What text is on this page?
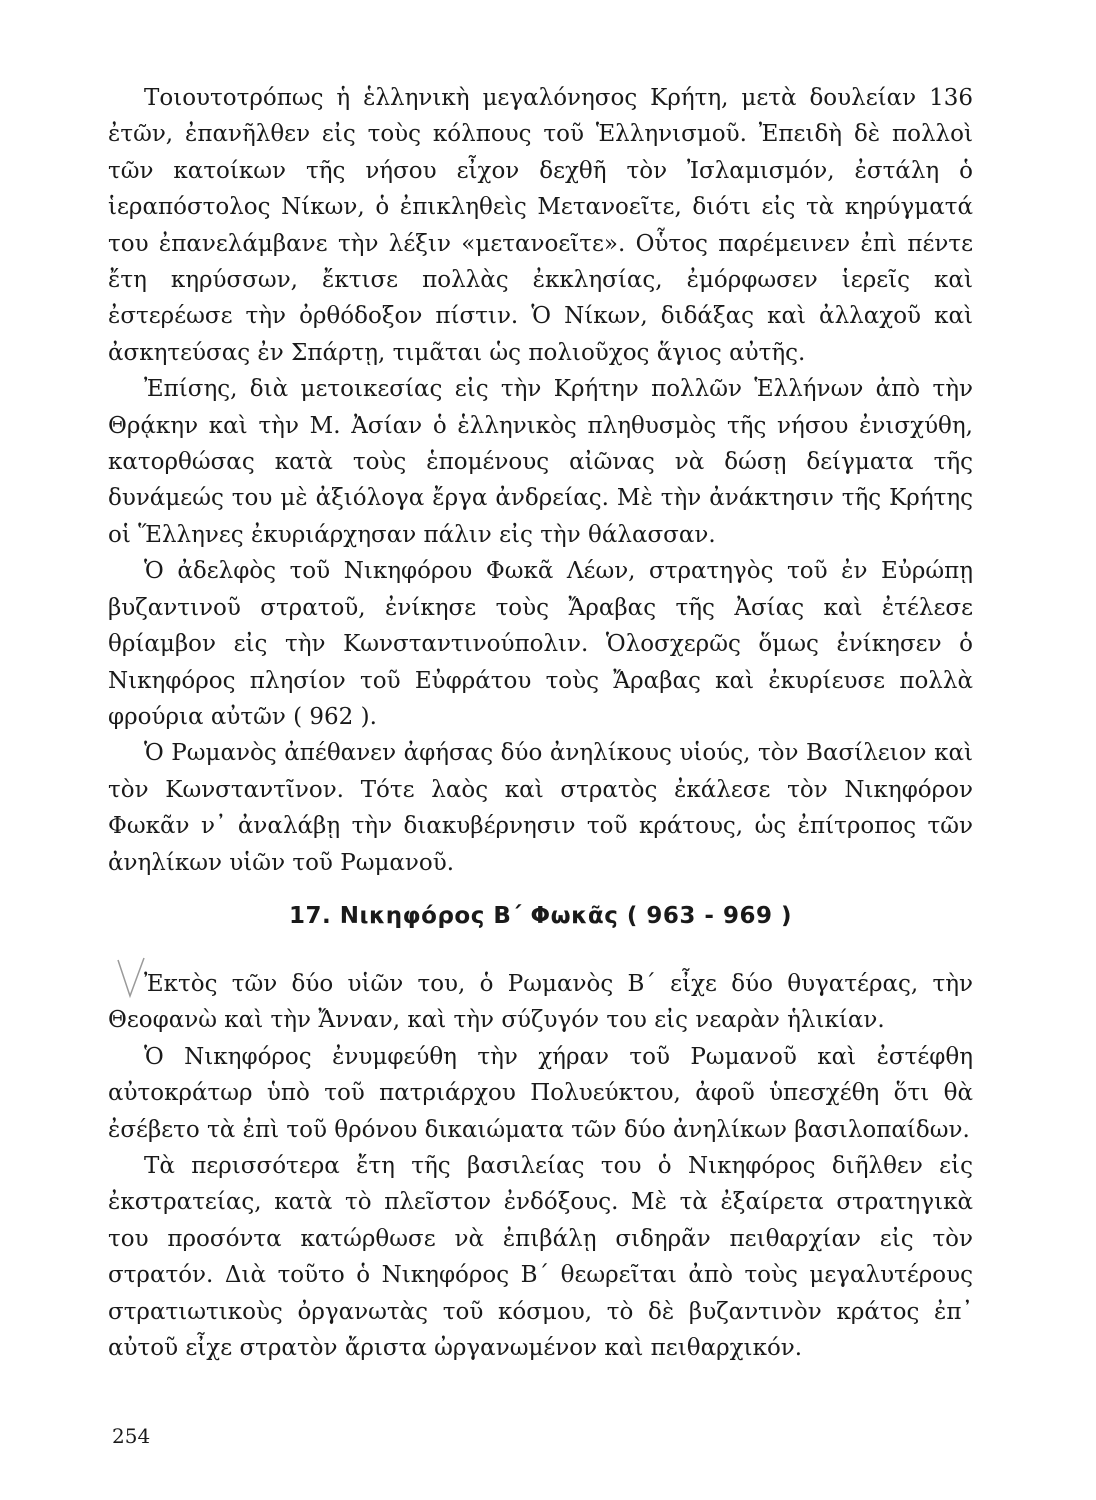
Τοιουτοτρόπως ἡ ἑλληνικὴ μεγαλόνησος Κρήτη, μετὰ δουλείαν 136 ἐτῶν, ἐπανῆλθεν εἰς τοὺς κόλπους τοῦ Ἑλληνισμοῦ. Ἐπειδὴ δὲ πολλοὶ τῶν κατοίκων τῆς νήσου εἶχον δεχθῆ τὸν Ἰσλαμισμόν, ἐστάλη ὁ ἱεραπόστολος Νίκων, ὁ ἐπικληθεὶς Μετανοεῖτε, διότι εἰς τὰ κηρύγματά του ἐπανελάμβανε τὴν λέξιν «μετανοεῖτε». Οὗτος παρέμεινεν ἐπὶ πέντε ἔτη κηρύσσων, ἔκτισε πολλὰς ἐκκλησίας, ἐμόρφωσεν ἱερεῖς καὶ ἐστερέωσε τὴν ὀρθόδοξον πίστιν. Ὁ Νίκων, διδάξας καὶ ἀλλαχοῦ καὶ ἀσκητεύσας ἐν Σπάρτῃ, τιμᾶται ὡς πολιοῦχος ἅγιος αὐτῆς.

Ἐπίσης, διὰ μετοικεσίας εἰς τὴν Κρήτην πολλῶν Ἑλλήνων ἀπὸ τὴν Θρᾴκην καὶ τὴν Μ. Ἀσίαν ὁ ἑλληνικὸς πληθυσμὸς τῆς νήσου ἐνισχύθη, κατορθώσας κατὰ τοὺς ἑπομένους αἰῶνας νὰ δώσῃ δείγματα τῆς δυνάμεώς του μὲ ἀξιόλογα ἔργα ἀνδρείας. Μὲ τὴν ἀνάκτησιν τῆς Κρήτης οἱ Ἕλληνες ἐκυριάρχησαν πάλιν εἰς τὴν θάλασσαν.

Ὁ ἀδελφὸς τοῦ Νικηφόρου Φωκᾶ Λέων, στρατηγὸς τοῦ ἐν Εὐρώπῃ βυζαντινοῦ στρατοῦ, ἐνίκησε τοὺς Ἄραβας τῆς Ἀσίας καὶ ἐτέλεσε θρίαμβον εἰς τὴν Κωνσταντινούπολιν. Ὁλοσχερῶς ὅμως ἐνίκησεν ὁ Νικηφόρος πλησίον τοῦ Εὐφράτου τοὺς Ἄραβας καὶ ἐκυρίευσε πολλὰ φρούρια αὐτῶν ( 962 ).

Ὁ Ρωμανὸς ἀπέθανεν ἀφήσας δύο ἀνηλίκους υἱούς, τὸν Βασίλειον καὶ τὸν Κωνσταντῖνον. Τότε λαὸς καὶ στρατὸς ἐκάλεσε τὸν Νικηφόρον Φωκᾶν ν᾿ ἀναλάβῃ τὴν διακυβέρνησιν τοῦ κράτους, ὡς ἐπίτροπος τῶν ἀνηλίκων υἱῶν τοῦ Ρωμανοῦ.

17. Νικηφόρος Β΄ Φωκᾶς ( 963 - 969 )

Ἐκτὸς τῶν δύο υἱῶν του, ὁ Ρωμανὸς Β΄ εἶχε δύο θυγατέρας, τὴν Θεοφανὼ καὶ τὴν Ἄνναν, καὶ τὴν σύζυγόν του εἰς νεαρὰν ἡλικίαν.

Ὁ Νικηφόρος ἐνυμφεύθη τὴν χήραν τοῦ Ρωμανοῦ καὶ ἐστέφθη αὐτοκράτωρ ὑπὸ τοῦ πατριάρχου Πολυεύκτου, ἀφοῦ ὑπεσχέθη ὅτι θὰ ἐσέβετο τὰ ἐπὶ τοῦ θρόνου δικαιώματα τῶν δύο ἀνηλίκων βασιλοπαίδων.

Τὰ περισσότερα ἔτη τῆς βασιλείας του ὁ Νικηφόρος διῆλθεν εἰς ἐκστρατείας, κατὰ τὸ πλεῖστον ἐνδόξους. Μὲ τὰ ἐξαίρετα στρατηγικὰ του προσόντα κατώρθωσε νὰ ἐπιβάλῃ σιδηρᾶν πειθαρχίαν εἰς τὸν στρατόν. Διὰ τοῦτο ὁ Νικηφόρος Β΄ θεωρεῖται ἀπὸ τοὺς μεγαλυτέρους στρατιωτικοὺς ὀργανωτὰς τοῦ κόσμου, τὸ δὲ βυζαντινὸν κράτος ἐπ᾿ αὐτοῦ εἶχε στρατὸν ἄριστα ὠργανωμένον καὶ πειθαρχικόν.

254
